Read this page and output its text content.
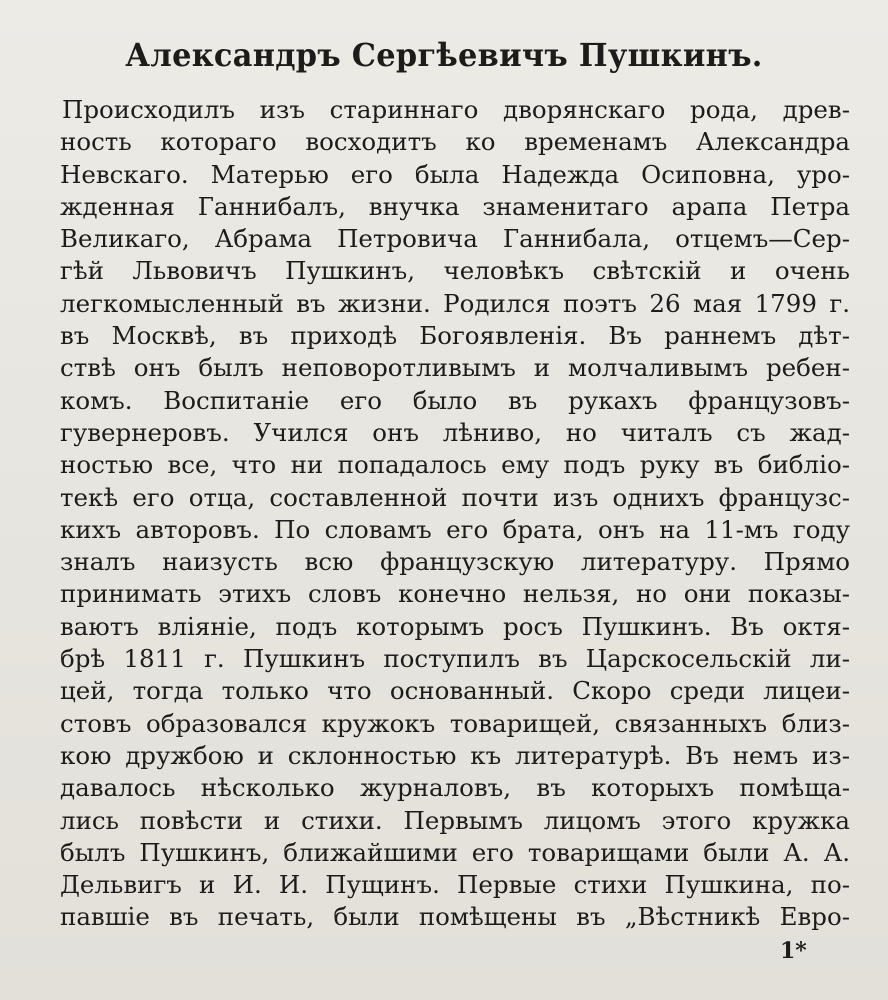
Александръ Сергѣевичъ Пушкинъ.
Происходилъ изъ стариннаго дворянскаго рода, древ-
ность котораго восходитъ ко временамъ Александра
Невскаго. Матерью его была Надежда Осиповна, уро-
жденная Ганнибалъ, внучка знаменитаго арапа Петра
Великаго, Абрама Петровича Ганнибала, отцемъ—Сер-
гѣй Львовичъ Пушкинъ, человѣкъ свѣтскій и очень
легкомысленный въ жизни. Родился поэтъ 26 мая 1799 г.
въ Москвѣ, въ приходѣ Богоявленія. Въ раннемъ дѣт-
ствѣ онъ былъ неповоротливымъ и молчаливымъ ребен-
комъ. Воспитаніе его было въ рукахъ французовъ-
гувернеровъ. Учился онъ лѣниво, но читалъ съ жад-
ностью все, что ни попадалось ему подъ руку въ библіо-
текѣ его отца, составленной почти изъ однихъ французс-
кихъ авторовъ. По словамъ его брата, онъ на 11-мъ году
зналъ наизусть всю французскую литературу. Прямо
принимать этихъ словъ конечно нельзя, но они показы-
ваютъ вліяніе, подъ которымъ росъ Пушкинъ. Въ октя-
брѣ 1811 г. Пушкинъ поступилъ въ Царскосельскій ли-
цей, тогда только что основанный. Скоро среди лицеи-
стовъ образовался кружокъ товарищей, связанныхъ близ-
кою дружбою и склонностью къ литературѣ. Въ немъ из-
давалось нѣсколько журналовъ, въ которыхъ помѣща-
лись повѣсти и стихи. Первымъ лицомъ этого кружка
былъ Пушкинъ, ближайшими его товарищами были А. А.
Дельвигъ и И. И. Пущинъ. Первые стихи Пушкина, по-
павшіе въ печать, были помѣщены въ „Вѣстникѣ Евро-
1*
